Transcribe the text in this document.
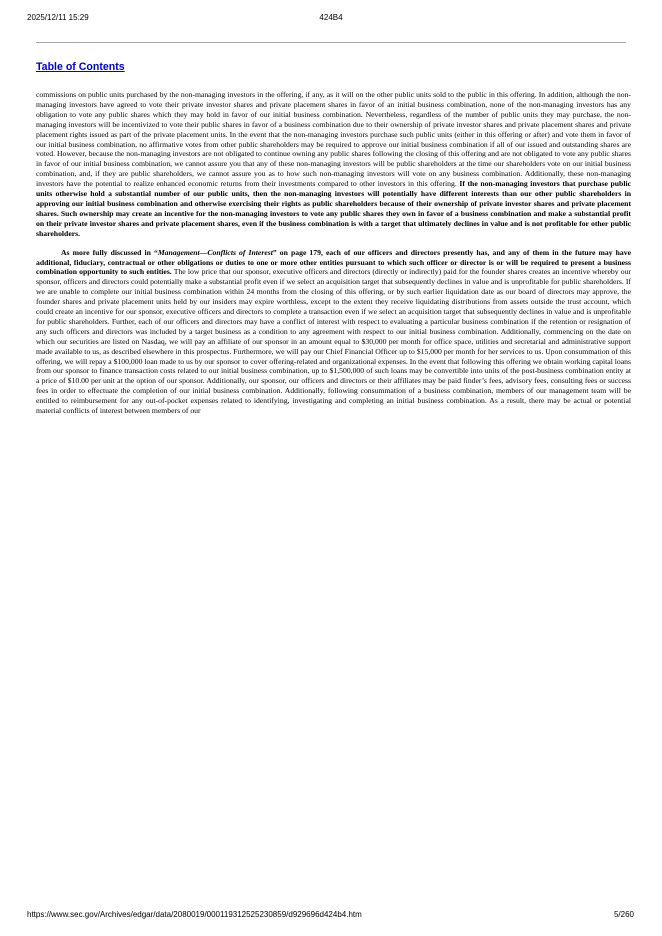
2025/12/11 15:29	424B4
Table of Contents

commissions on public units purchased by the non-managing investors in the offering, if any, as it will on the other public units sold to the public in this offering. In addition, although the non-managing investors have agreed to vote their private investor shares and private placement shares in favor of an initial business combination, none of the non-managing investors has any obligation to vote any public shares which they may hold in favor of our initial business combination. Nevertheless, regardless of the number of public units they may purchase, the non-managing investors will be incentivized to vote their public shares in favor of a business combination due to their ownership of private investor shares and private placement shares and private placement rights issued as part of the private placement units. In the event that the non-managing investors purchase such public units (either in this offering or after) and vote them in favor of our initial business combination, no affirmative votes from other public shareholders may be required to approve our initial business combination if all of our issued and outstanding shares are voted. However, because the non-managing investors are not obligated to continue owning any public shares following the closing of this offering and are not obligated to vote any public shares in favor of our initial business combination, we cannot assure you that any of these non-managing investors will be public shareholders at the time our shareholders vote on our initial business combination, and, if they are public shareholders, we cannot assure you as to how such non-managing investors will vote on any business combination. Additionally, these non-managing investors have the potential to realize enhanced economic returns from their investments compared to other investors in this offering. If the non-managing investors that purchase public units otherwise hold a substantial number of our public units, then the non-managing investors will potentially have different interests than our other public shareholders in approving our initial business combination and otherwise exercising their rights as public shareholders because of their ownership of private investor shares and private placement shares. Such ownership may create an incentive for the non-managing investors to vote any public shares they own in favor of a business combination and make a substantial profit on their private investor shares and private placement shares, even if the business combination is with a target that ultimately declines in value and is not profitable for other public shareholders.

As more fully discussed in “Management—Conflicts of Interest” on page 179, each of our officers and directors presently has, and any of them in the future may have additional, fiduciary, contractual or other obligations or duties to one or more other entities pursuant to which such officer or director is or will be required to present a business combination opportunity to such entities. The low price that our sponsor, executive officers and directors (directly or indirectly) paid for the founder shares creates an incentive whereby our sponsor, officers and directors could potentially make a substantial profit even if we select an acquisition target that subsequently declines in value and is unprofitable for public shareholders. If we are unable to complete our initial business combination within 24 months from the closing of this offering, or by such earlier liquidation date as our board of directors may approve, the founder shares and private placement units held by our insiders may expire worthless, except to the extent they receive liquidating distributions from assets outside the trust account, which could create an incentive for our sponsor, executive officers and directors to complete a transaction even if we select an acquisition target that subsequently declines in value and is unprofitable for public shareholders. Further, each of our officers and directors may have a conflict of interest with respect to evaluating a particular business combination if the retention or resignation of any such officers and directors was included by a target business as a condition to any agreement with respect to our initial business combination. Additionally, commencing on the date on which our securities are listed on Nasdaq, we will pay an affiliate of our sponsor in an amount equal to $30,000 per month for office space, utilities and secretarial and administrative support made available to us, as described elsewhere in this prospectus. Furthermore, we will pay our Chief Financial Officer up to $15,000 per month for her services to us. Upon consummation of this offering, we will repay a $100,000 loan made to us by our sponsor to cover offering-related and organizational expenses. In the event that following this offering we obtain working capital loans from our sponsor to finance transaction costs related to our initial business combination, up to $1,500,000 of such loans may be convertible into units of the post-business combination entity at a price of $10.00 per unit at the option of our sponsor. Additionally, our sponsor, our officers and directors or their affiliates may be paid finder’s fees, advisory fees, consulting fees or success fees in order to effectuate the completion of our initial business combination. Additionally, following consummation of a business combination, members of our management team will be entitled to reimbursement for any out-of-pocket expenses related to identifying, investigating and completing an initial business combination. As a result, there may be actual or potential material conflicts of interest between members of our

https://www.sec.gov/Archives/edgar/data/2080019/000119312525230859/d929696d424b4.htm	5/260
